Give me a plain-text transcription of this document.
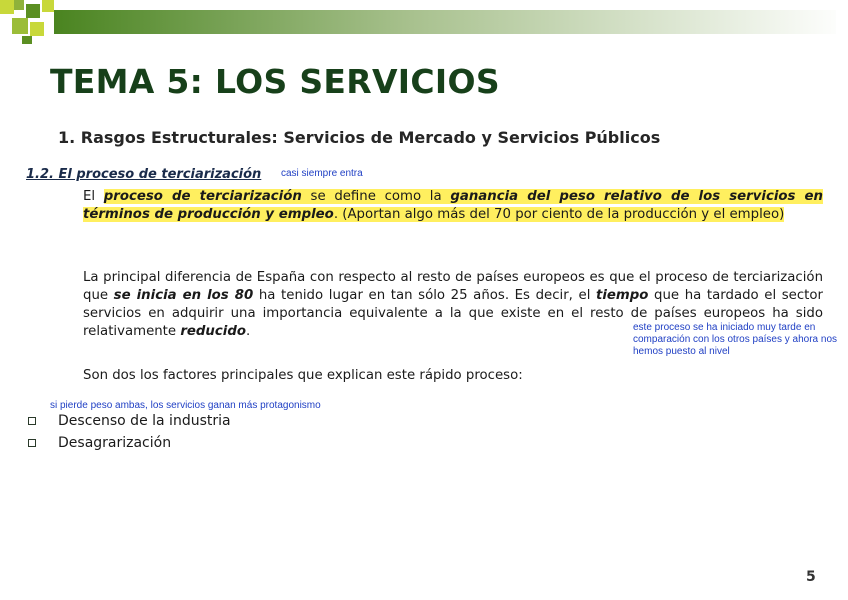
TEMA 5: LOS SERVICIOS

1. Rasgos Estructurales: Servicios de Mercado y Servicios Públicos

1.2. El proceso de terciarización casi siempre entra

El proceso de terciarización se define como la ganancia del peso relativo de los servicios en términos de producción y empleo. (Aportan algo más del 70 por ciento de la producción y el empleo)

La principal diferencia de España con respecto al resto de países europeos es que el proceso de terciarización que se inicia en los 80 ha tenido lugar en tan sólo 25 años. Es decir, el tiempo que ha tardado el sector servicios en adquirir una importancia equivalente a la que existe en el resto de países europeos ha sido relativamente reducido.	este proceso se ha iniciado muy tarde en comparación con los otros países y ahora nos hemos puesto al nivel

Son dos los factores principales que explican este rápido proceso:

si pierde peso ambas, los servicios ganan más protagonismo
Descenso de la industria
Desagrarización
5
